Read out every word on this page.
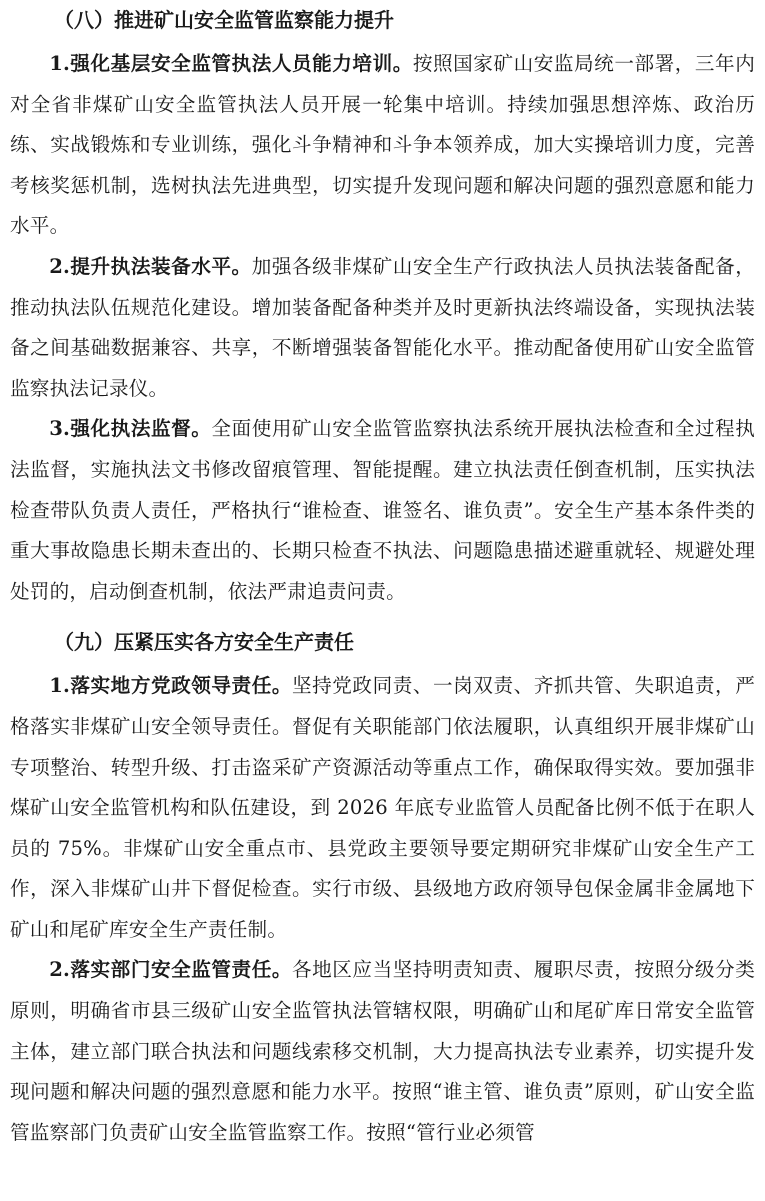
（八）推进矿山安全监管监察能力提升

1.强化基层安全监管执法人员能力培训。按照国家矿山安监局统一部署，三年内对全省非煤矿山安全监管执法人员开展一轮集中培训。持续加强思想淬炼、政治历练、实战锻炼和专业训练，强化斗争精神和斗争本领养成，加大实操培训力度，完善考核奖惩机制，选树执法先进典型，切实提升发现问题和解决问题的强烈意愿和能力水平。

2.提升执法装备水平。加强各级非煤矿山安全生产行政执法人员执法装备配备，推动执法队伍规范化建设。增加装备配备种类并及时更新执法终端设备，实现执法装备之间基础数据兼容、共享，不断增强装备智能化水平。推动配备使用矿山安全监管监察执法记录仪。

3.强化执法监督。全面使用矿山安全监管监察执法系统开展执法检查和全过程执法监督，实施执法文书修改留痕管理、智能提醒。建立执法责任倒查机制，压实执法检查带队负责人责任，严格执行“谁检查、谁签名、谁负责”。安全生产基本条件类的重大事故隐患长期未查出的、长期只检查不执法、问题隐患描述避重就轻、规避处理处罚的，启动倒查机制，依法严肃追责问责。

（九）压紧压实各方安全生产责任

1.落实地方党政领导责任。坚持党政同责、一岗双责、齐抓共管、失职追责，严格落实非煤矿山安全领导责任。督促有关职能部门依法履职，认真组织开展非煤矿山专项整治、转型升级、打击盗采矿产资源活动等重点工作，确保取得实效。要加强非煤矿山安全监管机构和队伍建设，到 2026 年底专业监管人员配备比例不低于在职人员的 75%。非煤矿山安全重点市、县党政主要领导要定期研究非煤矿山安全生产工作，深入非煤矿山井下督促检查。实行市级、县级地方政府领导包保金属非金属地下矿山和尾矿库安全生产责任制。

2.落实部门安全监管责任。各地区应当坚持明责知责、履职尽责，按照分级分类原则，明确省市县三级矿山安全监管执法管辖权限，明确矿山和尾矿库日常安全监管主体，建立部门联合执法和问题线索移交机制，大力提高执法专业素养，切实提升发现问题和解决问题的强烈意愿和能力水平。按照“谁主管、谁负责”原则，矿山安全监管监察部门负责矿山安全监管监察工作。按照“管行业必须管
